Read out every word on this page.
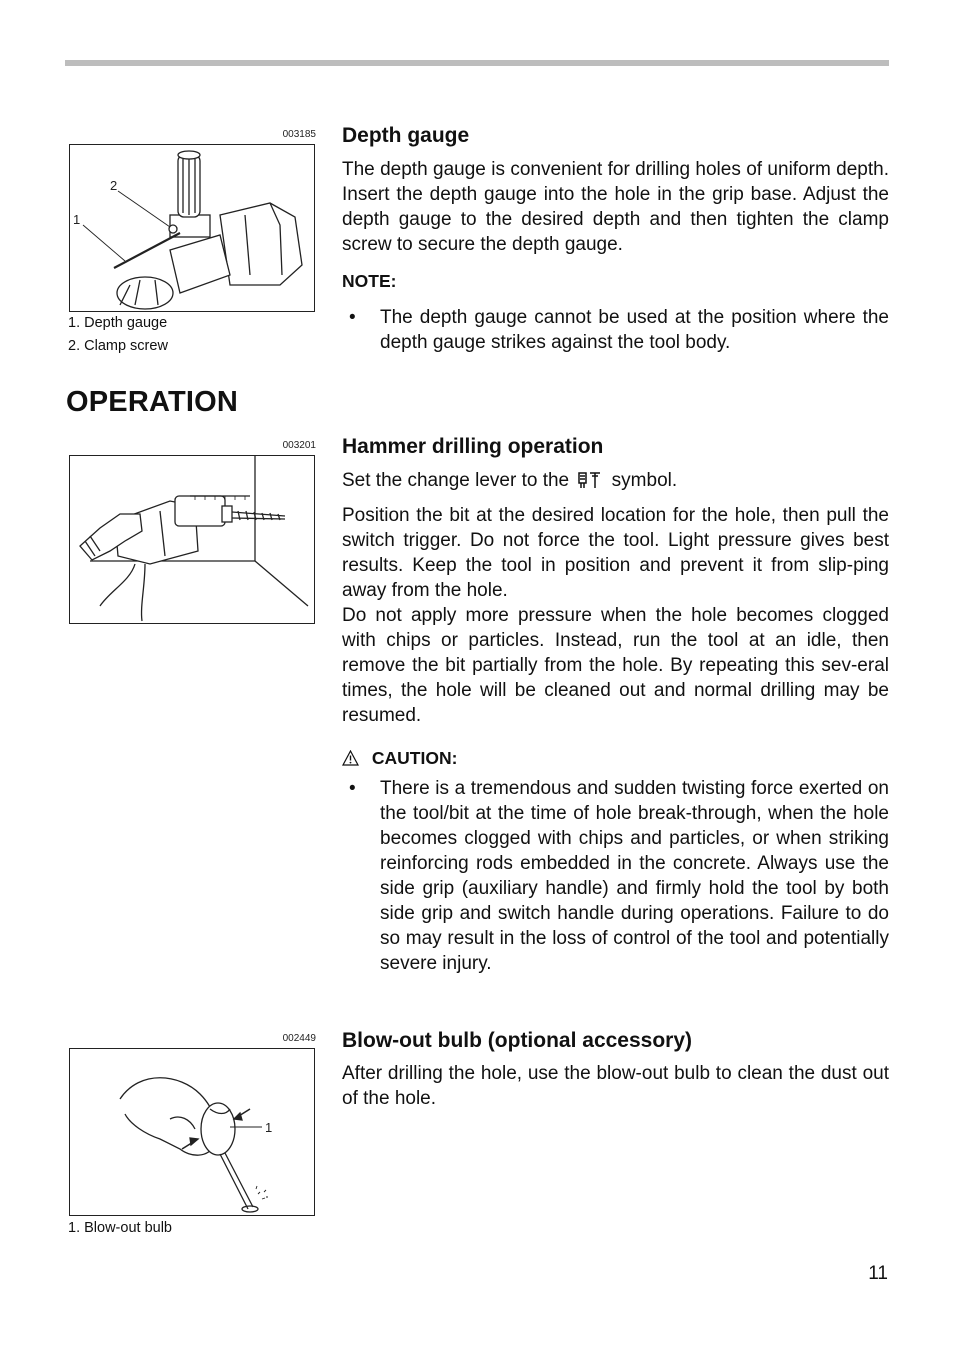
003185
2
1
1. Depth gauge
2. Clamp screw
Depth gauge

The depth gauge is convenient for drilling holes of uniform depth. Insert the depth gauge into the hole in the grip base. Adjust the depth gauge to the desired depth and then tighten the clamp screw to secure the depth gauge.

NOTE:
• The depth gauge cannot be used at the position where the depth gauge strikes against the tool body.
OPERATION
003201 Hammer drilling operation

Set the change lever to the symbol.

Position the bit at the desired location for the hole, then pull the switch trigger. Do not force the tool. Light pressure gives best results. Keep the tool in position and prevent it from slip-ping away from the hole.

Do not apply more pressure when the hole becomes clogged with chips or particles. Instead, run the tool at an idle, then remove the bit partially from the hole. By repeating this sev-eral times, the hole will be cleaned out and normal drilling may be resumed.

CAUTION:
• There is a tremendous and sudden twisting force exerted on the tool/bit at the time of hole break-through, when the hole becomes clogged with chips and particles, or when striking reinforcing rods embedded in the concrete. Always use the side grip (auxiliary handle) and firmly hold the tool by both side grip and switch handle during operations. Failure to do so may result in the loss of control of the tool and potentially severe injury.
002449
1
1. Blow-out bulb
Blow-out bulb (optional accessory)

After drilling the hole, use the blow-out bulb to clean the dust out of the hole.

11
